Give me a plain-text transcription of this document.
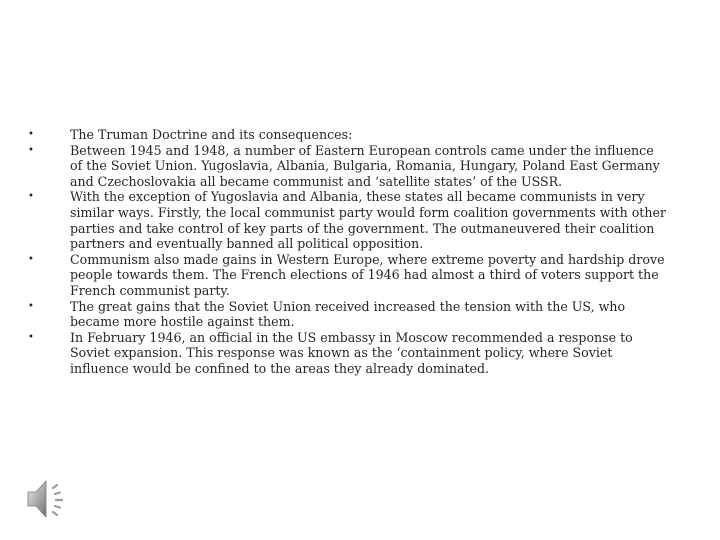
• The Truman Doctrine and its consequences:
• Between 1945 and 1948, a number of Eastern European controls came under the influence of the Soviet Union. Yugoslavia, Albania, Bulgaria, Romania, Hungary, Poland East Germany and Czechoslovakia all became communist and ‘satellite states’ of the USSR.
• With the exception of Yugoslavia and Albania, these states all became communists in very similar ways. Firstly, the local communist party would form coalition governments with other parties and take control of key parts of the government. The outmaneuvered their coalition partners and eventually banned all political opposition.
• Communism also made gains in Western Europe, where extreme poverty and hardship drove people towards them. The French elections of 1946 had almost a third of voters support the French communist party.
• The great gains that the Soviet Union received increased the tension with the US, who became more hostile against them.
• In February 1946, an official in the US embassy in Moscow recommended a response to Soviet expansion. This response was known as the ‘containment policy, where Soviet influence would be confined to the areas they already dominated.
